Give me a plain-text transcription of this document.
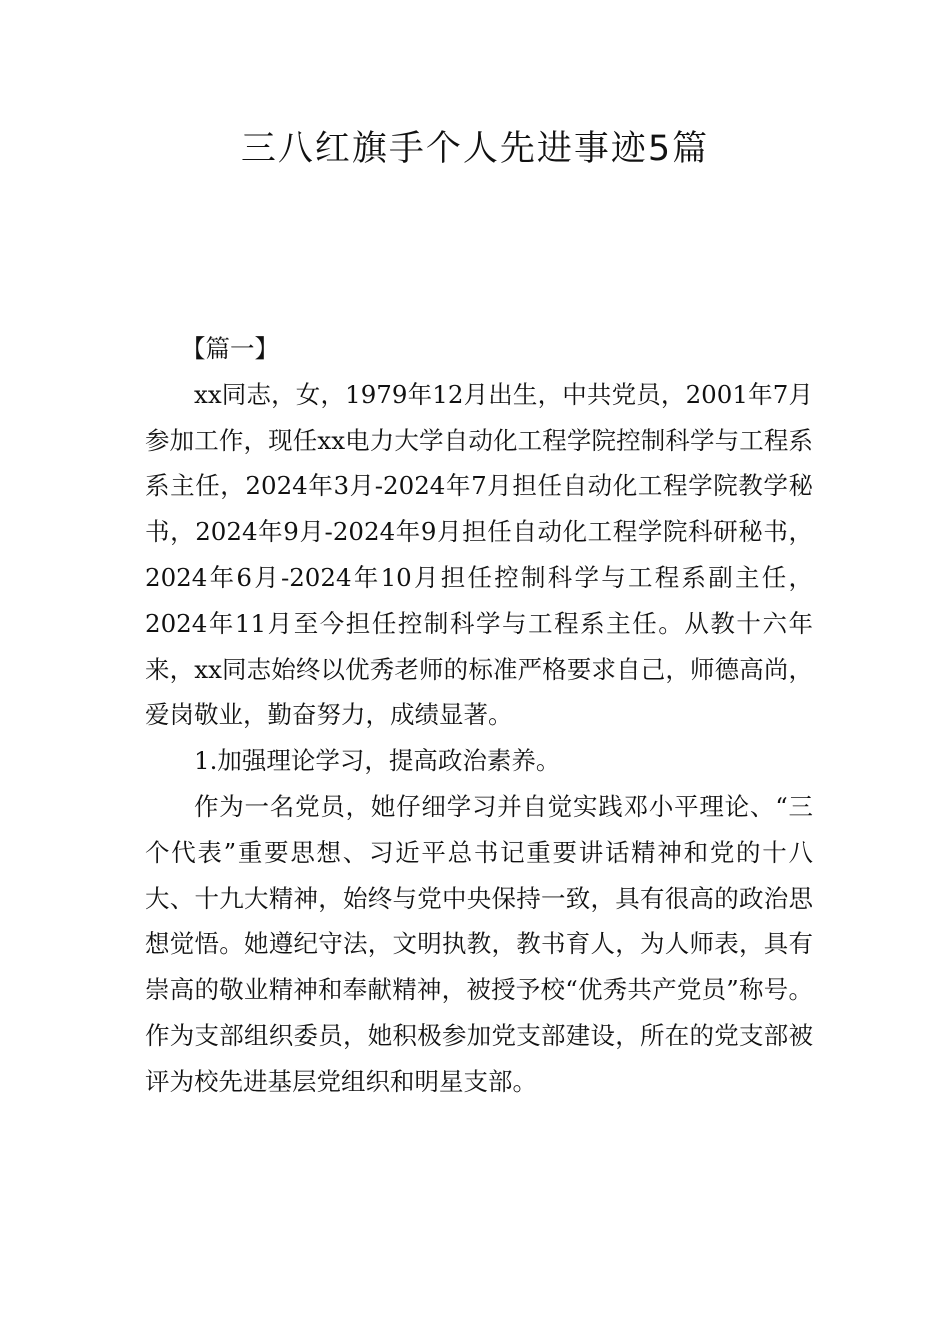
三八红旗手个人先进事迹5篇

【篇一】

xx同志，女，1979年12月出生，中共党员，2001年7月参加工作，现任xx电力大学自动化工程学院控制科学与工程系系主任，2024年3月-2024年7月担任自动化工程学院教学秘书，2024年9月-2024年9月担任自动化工程学院科研秘书，2024年6月-2024年10月担任控制科学与工程系副主任，2024年11月至今担任控制科学与工程系主任。从教十六年来，xx同志始终以优秀老师的标准严格要求自己，师德高尚，爱岗敬业，勤奋努力，成绩显著。

1.加强理论学习，提高政治素养。

作为一名党员，她仔细学习并自觉实践邓小平理论、“三个代表”重要思想、习近平总书记重要讲话精神和党的十八大、十九大精神，始终与党中央保持一致，具有很高的政治思想觉悟。她遵纪守法，文明执教，教书育人，为人师表，具有崇高的敬业精神和奉献精神，被授予校“优秀共产党员”称号。作为支部组织委员，她积极参加党支部建设，所在的党支部被评为校先进基层党组织和明星支部。
